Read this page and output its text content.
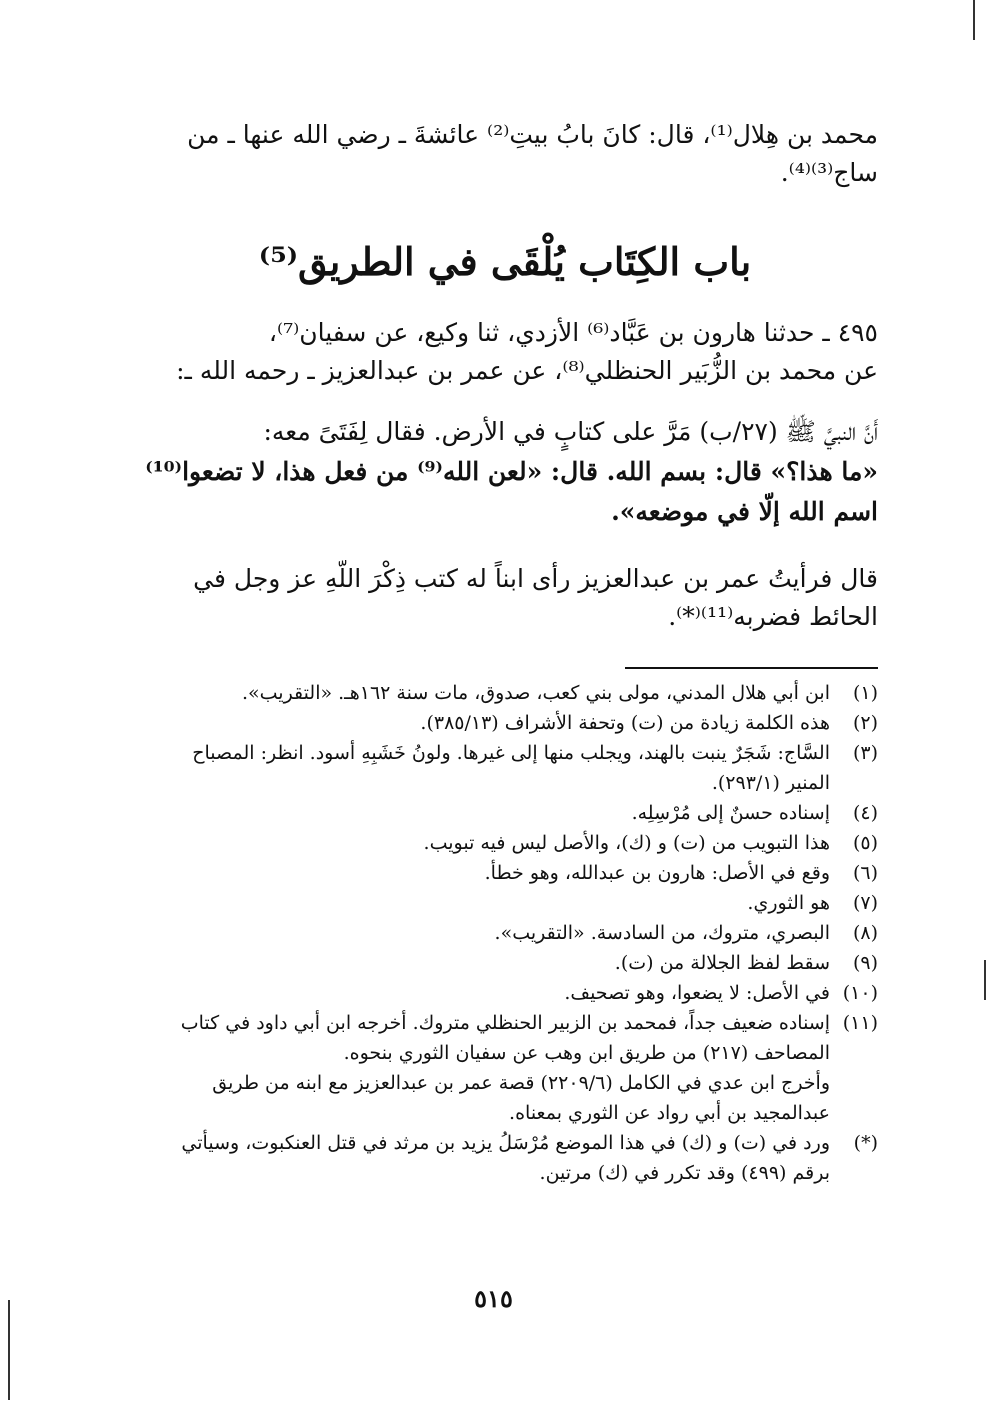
محمد بن هِلال⁽¹⁾، قال: كانَ بابُ بيتِ⁽²⁾ عائشةَ ـ رضي الله عنها ـ من
ساج⁽³⁾⁽⁴⁾.
باب الكِتَاب يُلْقَى في الطريق⁽⁵⁾
٤٩٥ ـ حدثنا هارون بن عَبَّاد⁽⁶⁾ الأزدي، ثنا وكيع، عن سفيان⁽⁷⁾،
عن محمد بن الزُّبَير الحنظلي⁽⁸⁾، عن عمر بن عبدالعزيز ـ رحمه الله ـ:
أَنَّ النبيَّ ﷺ (٢٧/ب) مَرَّ على كتابٍ في الأرض. فقال لِفَتَىً معه:
«ما هذا؟» قال: بسم الله. قال: «لعن الله⁽⁹⁾ من فعل هذا، لا تضعوا⁽¹⁰⁾
اسم الله إلّا في موضعه».
قال فرأيتُ عمر بن عبدالعزيز رأى ابناً له كتب ذِكْرَ اللّهِ عز وجل في
الحائط فضربه⁽¹¹⁾⁽*⁾.
(١)
ابن أبي هلال المدني، مولى بني كعب، صدوق، مات سنة ١٦٢هـ. «التقريب».
(٢)
هذه الكلمة زيادة من (ت) وتحفة الأشراف (٣٨٥/١٣).
(٣)
السَّاج: شَجَرٌ ينبت بالهند، ويجلب منها إلى غيرها. ولونُ خَشَبِهِ أسود. انظر: المصباح
المنير (٢٩٣/١).
(٤)
إسناده حسنٌ إلى مُرْسِلِه.
(٥)
هذا التبويب من (ت) و (ك)، والأصل ليس فيه تبويب.
(٦)
وقع في الأصل: هارون بن عبدالله، وهو خطأ.
(٧)
هو الثوري.
(٨)
البصري، متروك، من السادسة. «التقريب».
(٩)
سقط لفظ الجلالة من (ت).
(١٠)
في الأصل: لا يضعوا، وهو تصحيف.
(١١)
إسناده ضعيف جداً، فمحمد بن الزبير الحنظلي متروك. أخرجه ابن أبي داود في كتاب
المصاحف (٢١٧) من طريق ابن وهب عن سفيان الثوري بنحوه.
وأخرج ابن عدي في الكامل (٢٢٠٩/٦) قصة عمر بن عبدالعزيز مع ابنه من طريق
عبدالمجيد بن أبي رواد عن الثوري بمعناه.
(*)
ورد في (ت) و (ك) في هذا الموضع مُرْسَلُ يزيد بن مرثد في قتل العنكبوت، وسيأتي
برقم (٤٩٩) وقد تكرر في (ك) مرتين.
٥١٥
